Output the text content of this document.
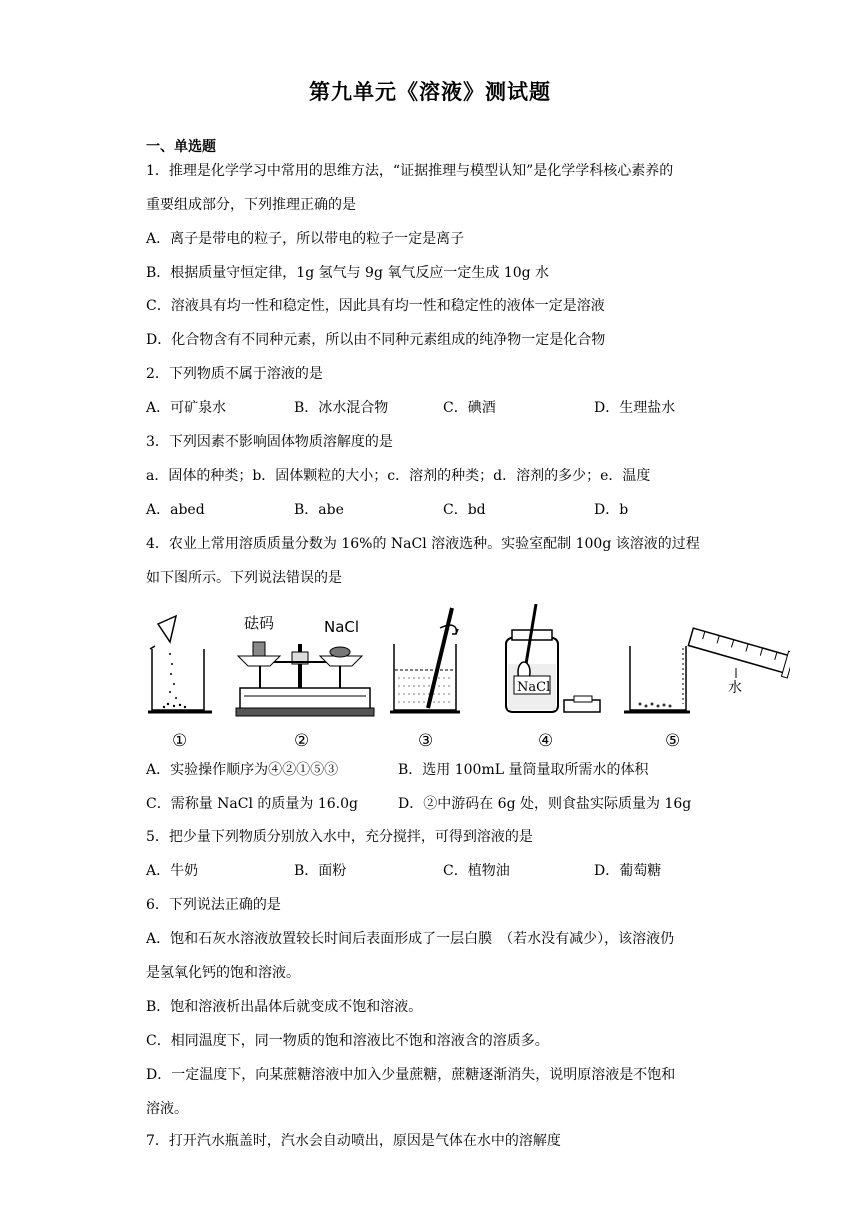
第九单元《溶液》测试题
一、单选题
1．推理是化学学习中常用的思维方法，“证据推理与模型认知”是化学学科核心素养的
重要组成部分，下列推理正确的是
A．离子是带电的粒子，所以带电的粒子一定是离子
B．根据质量守恒定律，1g 氢气与 9g 氧气反应一定生成 10g 水
C．溶液具有均一性和稳定性，因此具有均一性和稳定性的液体一定是溶液
D．化合物含有不同种元素，所以由不同种元素组成的纯净物一定是化合物
2．下列物质不属于溶液的是
A．可矿泉水	B．冰水混合物	C．碘酒	D．生理盐水
3．下列因素不影响固体物质溶解度的是
a．固体的种类；b．固体颗粒的大小；c．溶剂的种类；d．溶剂的多少；e．温度
A．abed	B．abe	C．bd	D．b
4．农业上常用溶质质量分数为 16%的 NaCl 溶液选种。实验室配制 100g 该溶液的过程
如下图所示。下列说法错误的是
砝码	NaCl
NaCl	水
①	②	③	④	⑤
A．实验操作顺序为④②①⑤③	B．选用 100mL 量筒量取所需水的体积
C．需称量 NaCl 的质量为 16.0g	D．②中游码在 6g 处，则食盐实际质量为 16g
5．把少量下列物质分别放入水中，充分搅拌，可得到溶液的是
A．牛奶	B．面粉	C．植物油	D．葡萄糖
6．下列说法正确的是
A．饱和石灰水溶液放置较长时间后表面形成了一层白膜　（若水没有减少），该溶液仍
是氢氧化钙的饱和溶液。
B．饱和溶液析出晶体后就变成不饱和溶液。
C．相同温度下，同一物质的饱和溶液比不饱和溶液含的溶质多。
D．一定温度下，向某蔗糖溶液中加入少量蔗糖，蔗糖逐渐消失，说明原溶液是不饱和
溶液。
7．打开汽水瓶盖时，汽水会自动喷出，原因是气体在水中的溶解度
